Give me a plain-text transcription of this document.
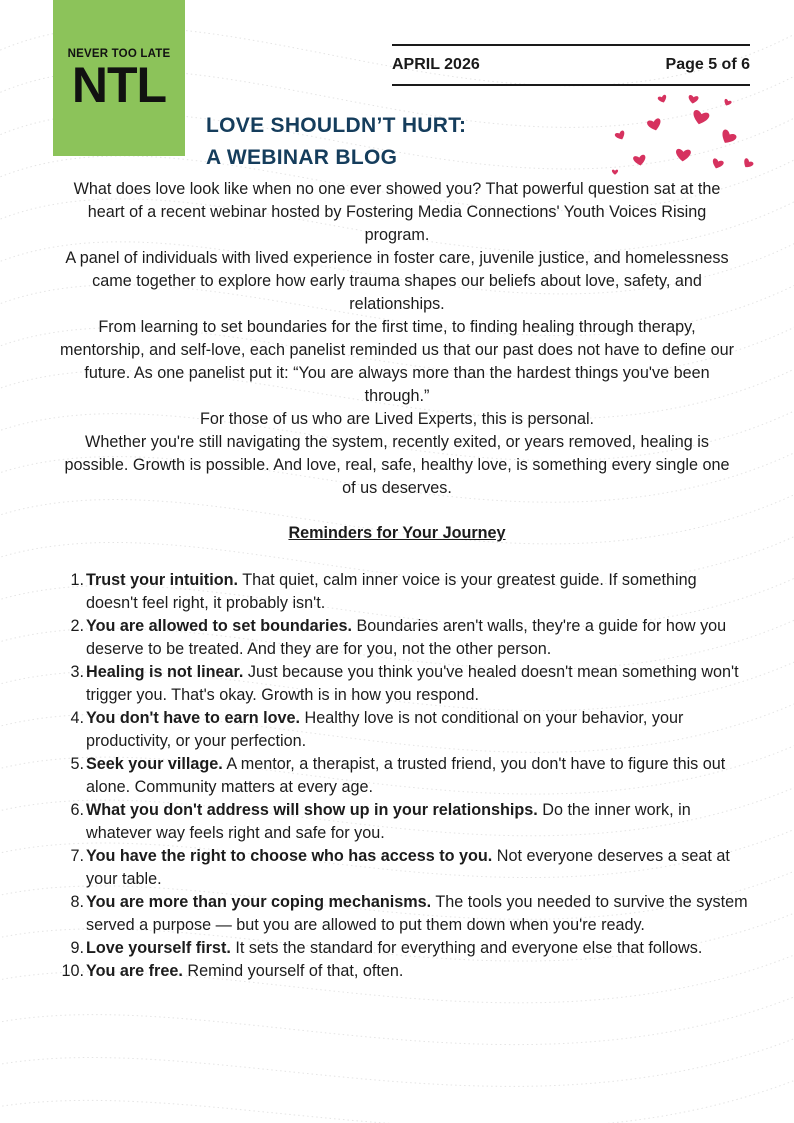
NEVER TOO LATE
NTL	APRIL 2026	Page 5 of 6
LOVE SHOULDN’T HURT:
A WEBINAR BLOG

What does love look like when no one ever showed you? That powerful question sat at the heart of a recent webinar hosted by Fostering Media Connections' Youth Voices Rising program.

A panel of individuals with lived experience in foster care, juvenile justice, and homelessness came together to explore how early trauma shapes our beliefs about love, safety, and relationships.

From learning to set boundaries for the first time, to finding healing through therapy, mentorship, and self-love, each panelist reminded us that our past does not have to define our future. As one panelist put it: “You are always more than the hardest things you've been through.”

For those of us who are Lived Experts, this is personal.

Whether you're still navigating the system, recently exited, or years removed, healing is possible. Growth is possible. And love, real, safe, healthy love, is something every single one of us deserves.

Reminders for Your Journey
1. Trust your intuition. That quiet, calm inner voice is your greatest guide. If something doesn't feel right, it probably isn't.
2. You are allowed to set boundaries. Boundaries aren't walls, they're a guide for how you deserve to be treated. And they are for you, not the other person.
3. Healing is not linear. Just because you think you've healed doesn't mean something won't trigger you. That's okay. Growth is in how you respond.
4. You don't have to earn love. Healthy love is not conditional on your behavior, your productivity, or your perfection.
5. Seek your village. A mentor, a therapist, a trusted friend, you don't have to figure this out alone. Community matters at every age.
6. What you don't address will show up in your relationships. Do the inner work, in whatever way feels right and safe for you.
7. You have the right to choose who has access to you. Not everyone deserves a seat at your table.
8. You are more than your coping mechanisms. The tools you needed to survive the system served a purpose — but you are allowed to put them down when you're ready.
9. Love yourself first. It sets the standard for everything and everyone else that follows.
10. You are free. Remind yourself of that, often.
